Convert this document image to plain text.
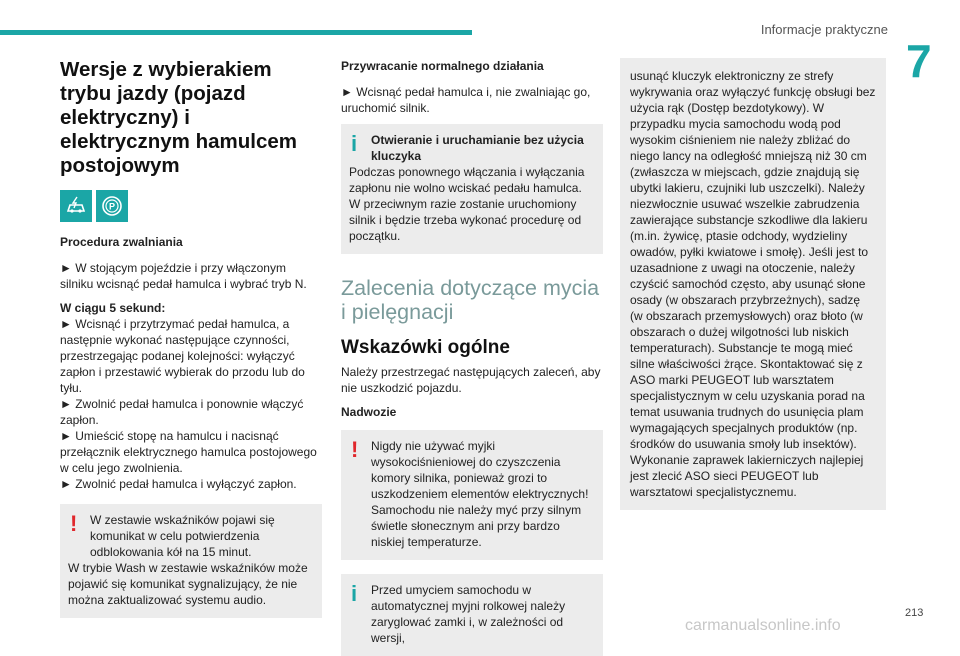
Informacje praktyczne
7
Wersje z wybierakiem trybu jazdy (pojazd elektryczny) i elektrycznym hamulcem postojowym
P
Procedura zwalniania

► W stojącym pojeździe i przy włączonym silniku wcisnąć pedał hamulca i wybrać tryb N.

W ciągu 5 sekund:

► Wcisnąć i przytrzymać pedał hamulca, a następnie wykonać następujące czynności, przestrzegając podanej kolejności: wyłączyć zapłon i przestawić wybierak do przodu lub do tyłu.

► Zwolnić pedał hamulca i ponownie włączyć zapłon.

► Umieścić stopę na hamulcu i nacisnąć przełącznik elektrycznego hamulca postojowego w celu jego zwolnienia.

► Zwolnić pedał hamulca i wyłączyć zapłon.

!	W zestawie wskaźników pojawi się komunikat w celu potwierdzenia odblokowania kół na 15 minut.
W trybie Wash w zestawie wskaźników może pojawić się komunikat sygnalizujący, że nie można zaktualizować systemu audio.
Przywracanie normalnego działania

► Wcisnąć pedał hamulca i, nie zwalniając go, uruchomić silnik.

i	Otwieranie i uruchamianie bez użycia kluczyka
Podczas ponownego włączania i wyłączania zapłonu nie wolno wciskać pedału hamulca. W przeciwnym razie zostanie uruchomiony silnik i będzie trzeba wykonać procedurę od początku.
Zalecenia dotyczące mycia i pielęgnacji
Wskazówki ogólne

Należy przestrzegać następujących zaleceń, aby nie uszkodzić pojazdu.

Nadwozie
!	Nigdy nie używać myjki wysokociśnieniowej do czyszczenia komory silnika, ponieważ grozi to uszkodzeniem elementów elektrycznych! Samochodu nie należy myć przy silnym świetle słonecznym ani przy bardzo niskiej temperaturze.
i	Przed umyciem samochodu w automatycznej myjni rolkowej należy zaryglować zamki i, w zależności od wersji,
usunąć kluczyk elektroniczny ze strefy wykrywania oraz wyłączyć funkcję obsługi bez użycia rąk (Dostęp bezdotykowy). W przypadku mycia samochodu wodą pod wysokim ciśnieniem nie należy zbliżać do niego lancy na odległość mniejszą niż 30 cm (zwłaszcza w miejscach, gdzie znajdują się ubytki lakieru, czujniki lub uszczelki). Należy niezwłocznie usuwać wszelkie zabrudzenia zawierające substancje szkodliwe dla lakieru (m.in. żywicę, ptasie odchody, wydzieliny owadów, pyłki kwiatowe i smołę). Jeśli jest to uzasadnione z uwagi na otoczenie, należy czyścić samochód często, aby usunąć słone osady (w obszarach przybrzeżnych), sadzę (w obszarach przemysłowych) oraz błoto (w obszarach o dużej wilgotności lub niskich temperaturach). Substancje te mogą mieć silne właściwości żrące. Skontaktować się z ASO marki PEUGEOT lub warsztatem specjalistycznym w celu uzyskania porad na temat usuwania trudnych do usunięcia plam wymagających specjalnych produktów (np. środków do usuwania smoły lub insektów). Wykonanie zaprawek lakierniczych najlepiej jest zlecić ASO sieci PEUGEOT lub warsztatowi specjalistycznemu.
213
carmanualsonline.info
